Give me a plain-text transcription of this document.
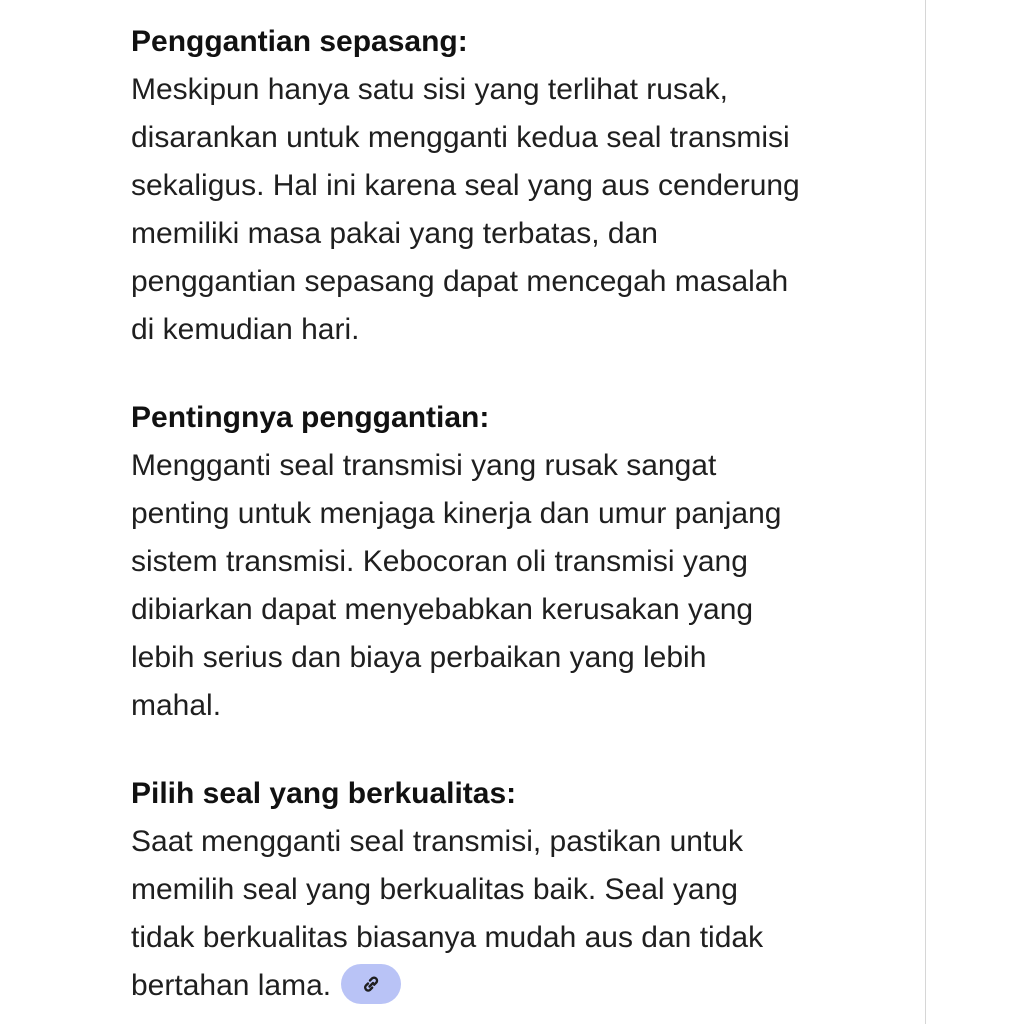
Penggantian sepasang:

Meskipun hanya satu sisi yang terlihat rusak,
disarankan untuk mengganti kedua seal transmisi
sekaligus. Hal ini karena seal yang aus cenderung
memiliki masa pakai yang terbatas, dan
penggantian sepasang dapat mencegah masalah
di kemudian hari.

Pentingnya penggantian:

Mengganti seal transmisi yang rusak sangat
penting untuk menjaga kinerja dan umur panjang
sistem transmisi. Kebocoran oli transmisi yang
dibiarkan dapat menyebabkan kerusakan yang
lebih serius dan biaya perbaikan yang lebih
mahal.

Pilih seal yang berkualitas:

Saat mengganti seal transmisi, pastikan untuk
memilih seal yang berkualitas baik. Seal yang
tidak berkualitas biasanya mudah aus dan tidak
bertahan lama.
